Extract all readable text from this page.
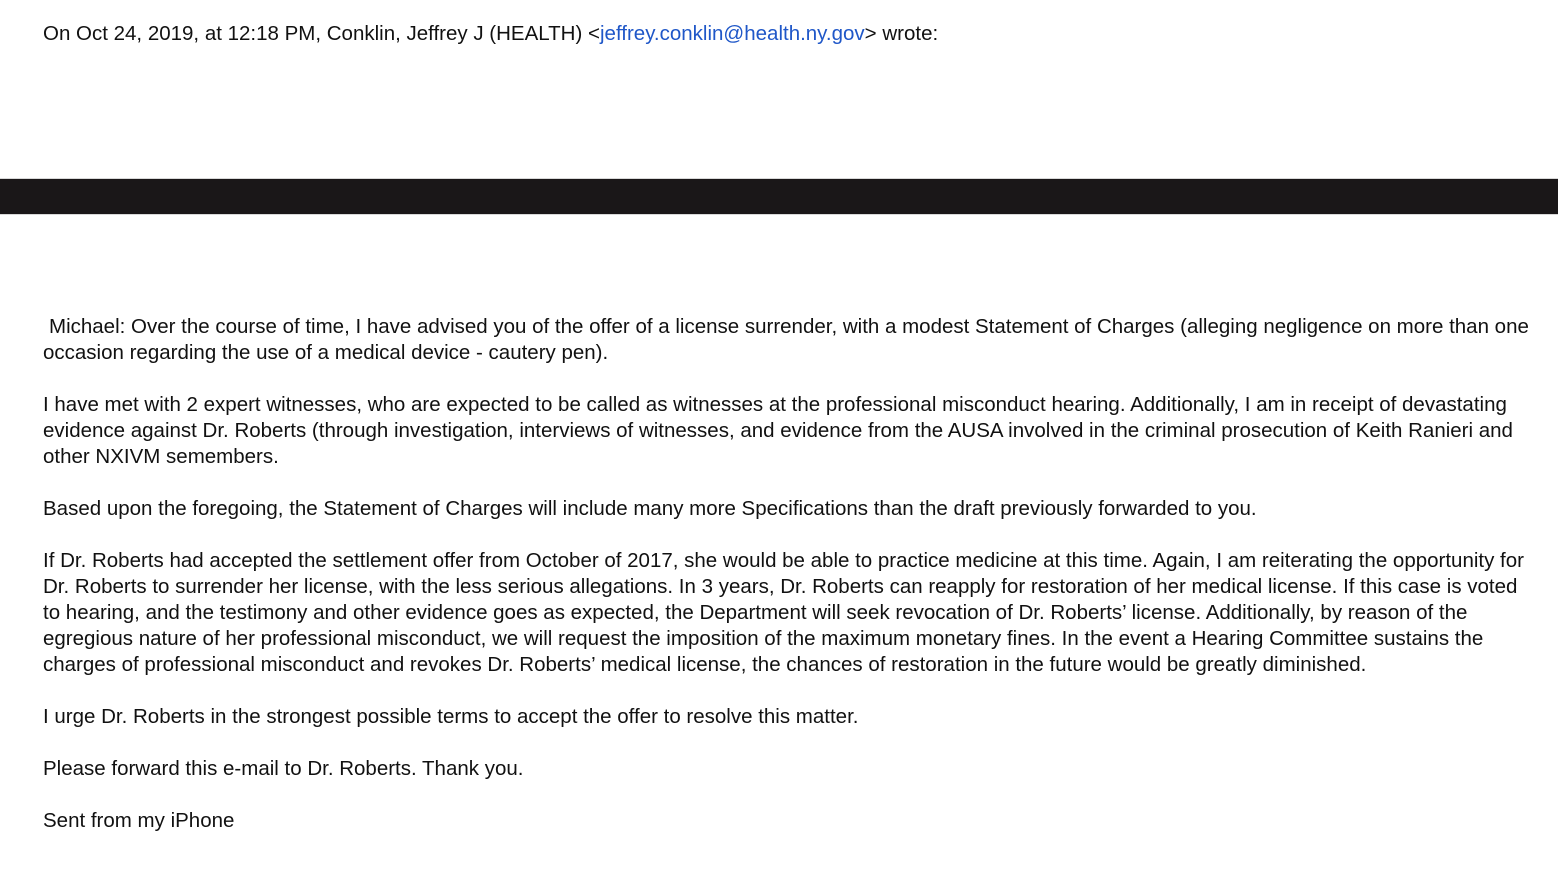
On Oct 24, 2019, at 12:18 PM, Conklin, Jeffrey J (HEALTH) <jeffrey.conklin@health.ny.gov> wrote:

Michael: Over the course of time, I have advised you of the offer of a license surrender, with a modest Statement of Charges (alleging negligence on more than one occasion regarding the use of a medical device - cautery pen).

I have met with 2 expert witnesses, who are expected to be called as witnesses at the professional misconduct hearing. Additionally, I am in receipt of devastating evidence against Dr. Roberts (through investigation, interviews of witnesses, and evidence from the AUSA involved in the criminal prosecution of Keith Ranieri and other NXIVM semembers.

Based upon the foregoing, the Statement of Charges will include many more Specifications than the draft previously forwarded to you.

If Dr. Roberts had accepted the settlement offer from October of 2017, she would be able to practice medicine at this time. Again, I am reiterating the opportunity for Dr. Roberts to surrender her license, with the less serious allegations. In 3 years, Dr. Roberts can reapply for restoration of her medical license. If this case is voted to hearing, and the testimony and other evidence goes as expected, the Department will seek revocation of Dr. Roberts’ license. Additionally, by reason of the egregious nature of her professional misconduct, we will request the imposition of the maximum monetary fines. In the event a Hearing Committee sustains the charges of professional misconduct and revokes Dr. Roberts’ medical license, the chances of restoration in the future would be greatly diminished.

I urge Dr. Roberts in the strongest possible terms to accept the offer to resolve this matter.

Please forward this e-mail to Dr. Roberts. Thank you.

Sent from my iPhone
